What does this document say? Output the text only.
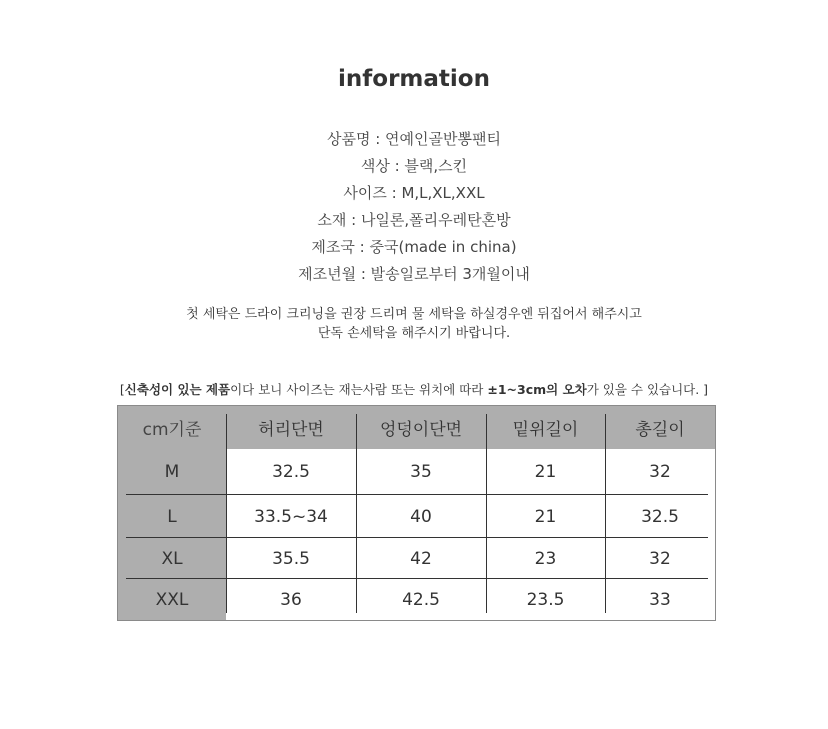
information
상품명 : 연예인골반뽕팬티
색상 : 블랙,스킨
사이즈 : M,L,XL,XXL
소재 : 나일론,폴리우레탄혼방
제조국 : 중국(made in china)
제조년월 : 발송일로부터 3개월이내
첫 세탁은 드라이 크리닝을 권장 드리며 물 세탁을 하실경우엔 뒤집어서 해주시고
단독 손세탁을 해주시기 바랍니다.
[신축성이 있는 제품이다 보니 사이즈는 재는사람 또는 위치에 따라 ±1~3cm의 오차가 있을 수 있습니다. ]
cm기준	허리단면	엉덩이단면	밑위길이	총길이
M	32.5	35	21	32
L	33.5~34	40	21	32.5
XL	35.5	42	23	32
XXL	36	42.5	23.5	33
